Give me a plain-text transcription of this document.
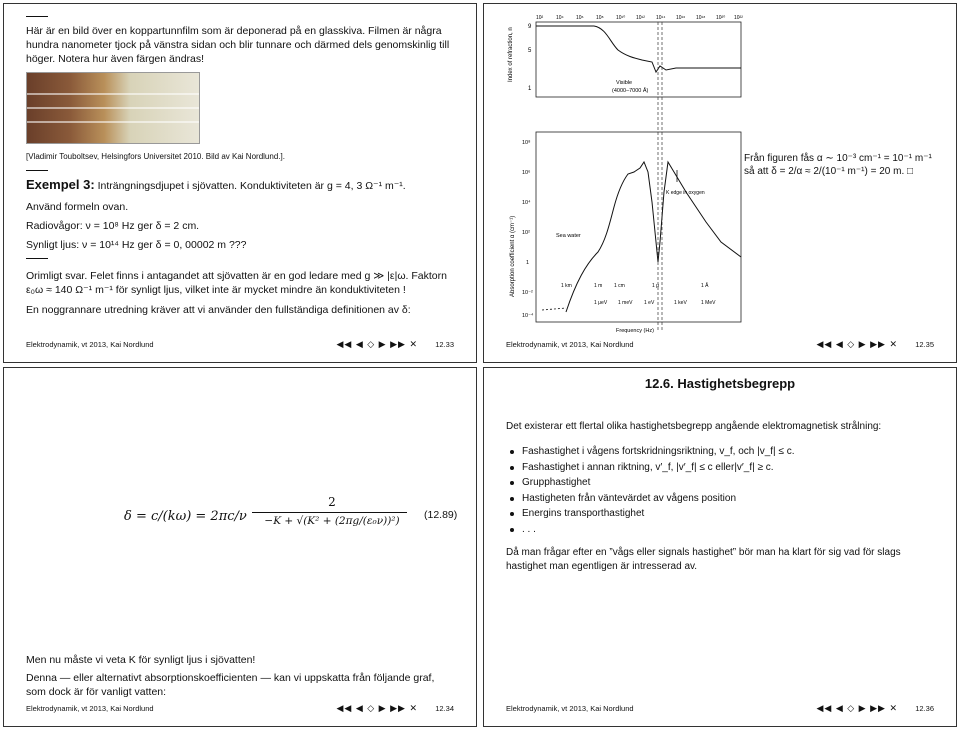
Här är en bild över en koppartunnfilm som är deponerad på en glasskiva. Filmen är några hundra nanometer tjock på vänstra sidan och blir tunnare och därmed dels genomskinlig till höger. Notera hur även färgen ändras!
[Vladimir Touboltsev, Helsingfors Universitet 2010. Bild av Kai Nordlund.].
Exempel 3: Inträngningsdjupet i sjövatten. Konduktiviteten är g = 4, 3 Ω⁻¹ m⁻¹.
Använd formeln ovan.
Radiovågor: ν = 10⁸ Hz ger δ = 2 cm.
Synligt ljus: ν = 10¹⁴ Hz ger δ = 0, 00002 m ???
Orimligt svar. Felet finns i antagandet att sjövatten är en god ledare med g ≫ |ε|ω. Faktorn ε₀ω ≈ 140 Ω⁻¹ m⁻¹ för synligt ljus, vilket inte är mycket mindre än konduktiviteten !
En noggrannare utredning kräver att vi använder den fullständiga definitionen av δ:
Elektrodynamik, vt 2013, Kai Nordlund	◀◀ ◀ ◇ ▶ ▶▶ ✕ 12.33
Index of refraction, n
1
5
9
10²	10⁴ 10⁶ 10⁸ 10¹⁰ 10¹² 10¹⁴ 10¹⁶ 10¹⁸ 10²⁰ 10²²
Visible
(4000–7000 Å)
Absorption coefficient α (cm⁻¹)
10⁸
10⁶
10⁴
10²
1
10⁻²
10⁻⁴
Sea water
K edge in oxygen
1 km	1 m 1 cm	1 μ	1 Å
1 μeV 1 meV 1 eV	1 keV	1 MeV
Frequency (Hz)
Från figuren fås α ∼ 10⁻³ cm⁻¹ = 10⁻¹ m⁻¹
så att δ = 2/α ≈ 2/(10⁻¹ m⁻¹) = 20 m. □
Elektrodynamik, vt 2013, Kai Nordlund	◀◀ ◀ ◇ ▶ ▶▶ ✕ 12.35
δ = c/(kω) = 2πc/ν
2
−K + √(K² + (2πg/(ε₀ν))²)	(12.89)
Men nu måste vi veta K för synligt ljus i sjövatten!
Denna — eller alternativt absorptionskoefficienten — kan vi uppskatta från följande graf, som dock är för vanligt vatten:
Elektrodynamik, vt 2013, Kai Nordlund	◀◀ ◀ ◇ ▶ ▶▶ ✕ 12.34
12.6. Hastighetsbegrepp
Det existerar ett flertal olika hastighetsbegrepp angående elektromagnetisk strålning:
Fashastighet i vågens fortskridningsriktning, v_f, och |v_f| ≤ c.
Fashastighet i annan riktning, v′_f, |v′_f| ≤ c eller|v′_f| ≥ c.
Grupphastighet
Hastigheten från väntevärdet av vågens position
Energins transporthastighet
. . .
Då man frågar efter en ”vågs eller signals hastighet” bör man ha klart för sig vad för slags hastighet man egentligen är intresserad av.
Elektrodynamik, vt 2013, Kai Nordlund	◀◀ ◀ ◇ ▶ ▶▶ ✕ 12.36
